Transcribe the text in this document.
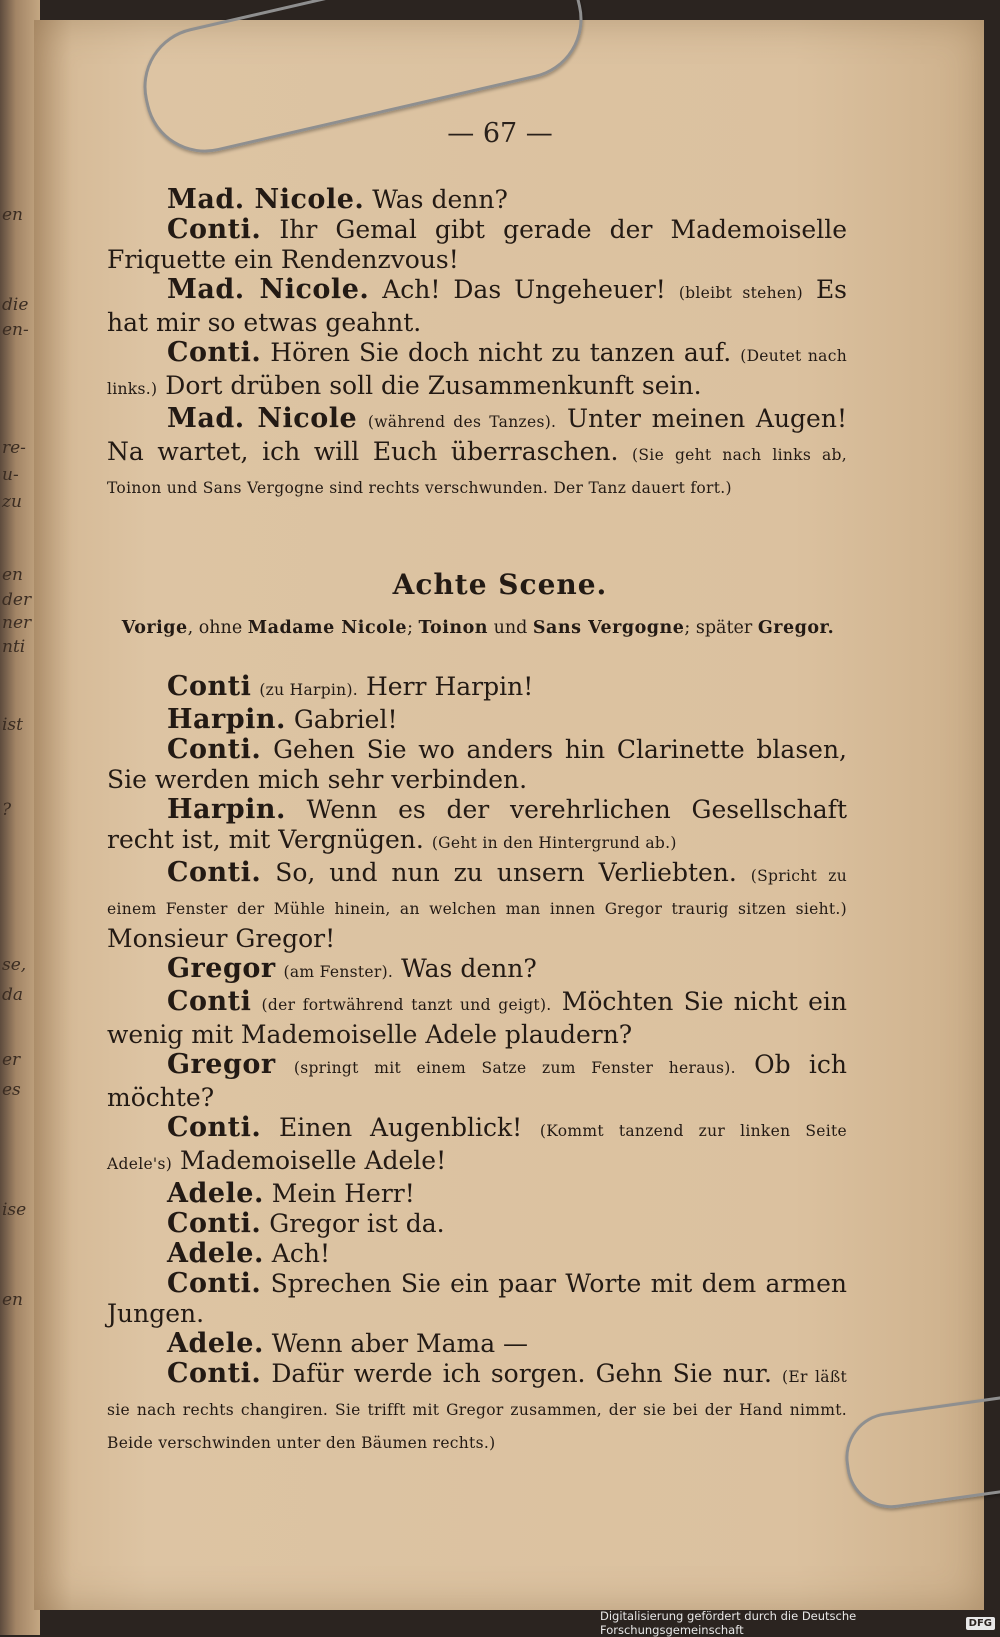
en
die
en-
re-
u-
zu
en
der
ner
nti
ist
?
se,
da
er
es
ise
en
— 67 —

Mad. Nicole. Was denn?

Conti. Ihr Gemal gibt gerade der Mademoiselle Friquette ein Rendenzvous!

Mad. Nicole. Ach! Das Ungeheuer! (bleibt stehen) Es hat mir so etwas geahnt.

Conti. Hören Sie doch nicht zu tanzen auf. (Deutet nach links.) Dort drüben soll die Zusammenkunft sein.

Mad. Nicole (während des Tanzes). Unter meinen Augen! Na wartet, ich will Euch überraschen. (Sie geht nach links ab, Toinon und Sans Vergogne sind rechts verschwunden. Der Tanz dauert fort.)

Achte Scene.
Vorige, ohne Madame Nicole; Toinon und Sans Vergogne; später Gregor.

Conti (zu Harpin). Herr Harpin!

Harpin. Gabriel!

Conti. Gehen Sie wo anders hin Clarinette blasen, Sie werden mich sehr verbinden.

Harpin. Wenn es der verehrlichen Gesellschaft recht ist, mit Vergnügen. (Geht in den Hintergrund ab.)

Conti. So, und nun zu unsern Verliebten. (Spricht zu einem Fenster der Mühle hinein, an welchen man innen Gregor traurig sitzen sieht.) Monsieur Gregor!

Gregor (am Fenster). Was denn?

Conti (der fortwährend tanzt und geigt). Möchten Sie nicht ein wenig mit Mademoiselle Adele plaudern?

Gregor (springt mit einem Satze zum Fenster heraus). Ob ich möchte?

Conti. Einen Augenblick! (Kommt tanzend zur linken Seite Adele's) Mademoiselle Adele!

Adele. Mein Herr!

Conti. Gregor ist da.

Adele. Ach!

Conti. Sprechen Sie ein paar Worte mit dem armen Jungen.

Adele. Wenn aber Mama —

Conti. Dafür werde ich sorgen. Gehn Sie nur. (Er läßt sie nach rechts changiren. Sie trifft mit Gregor zusammen, der sie bei der Hand nimmt. Beide verschwinden unter den Bäumen rechts.)

Digitalisierung gefördert durch die Deutsche Forschungsgemeinschaft	DFG
